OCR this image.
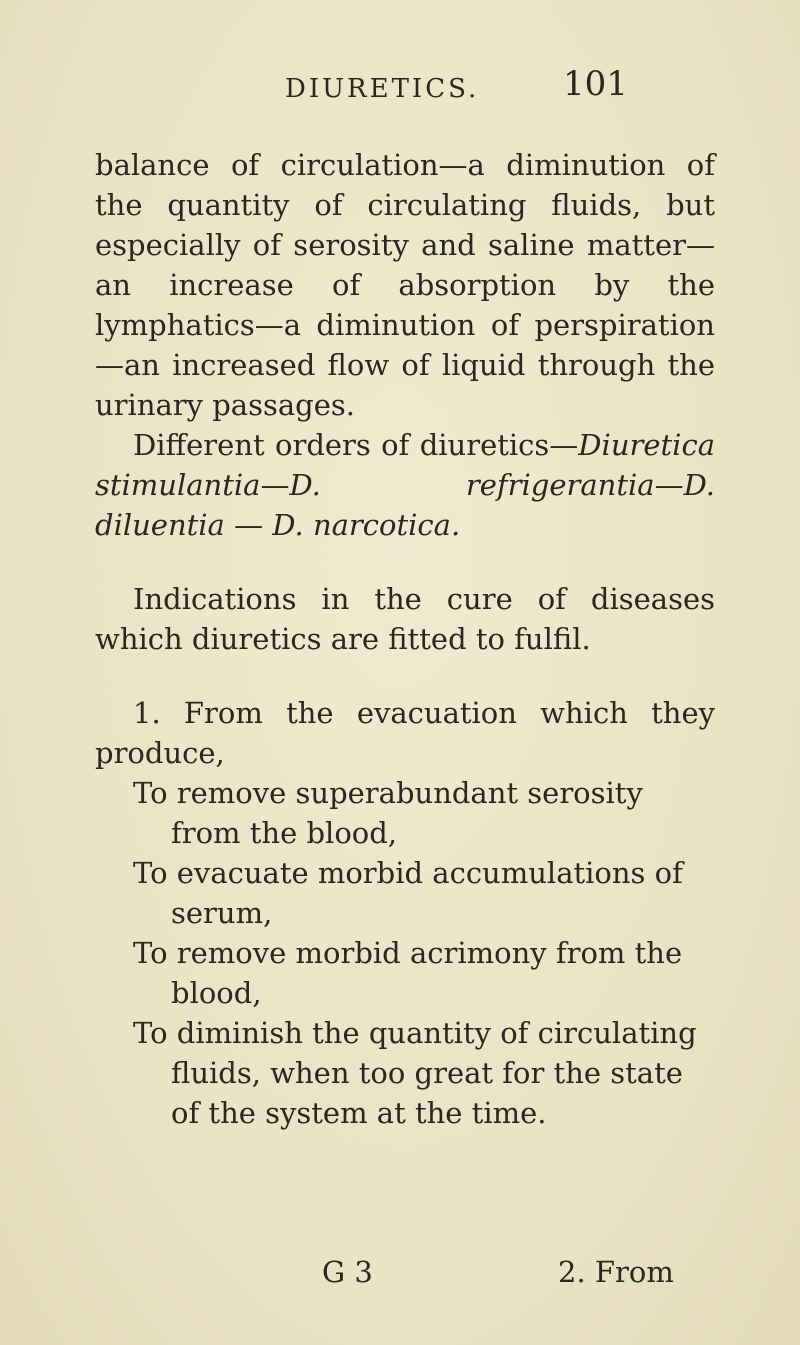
DIURETICS. 101

balance of circulation—a diminution of the quantity of circulating fluids, but especially of serosity and saline matter—an increase of absorption by the lymphatics—a diminution of perspiration—an increased flow of liquid through the urinary passages.

Different orders of diuretics—Diuretica stimulantia—D. refrigerantia—D. diluentia — D. narcotica.

Indications in the cure of diseases which diuretics are fitted to fulfil.

1. From the evacuation which they produce,

To remove superabundant serosity from the blood,

To evacuate morbid accumulations of serum,

To remove morbid acrimony from the blood,

To diminish the quantity of circulating fluids, when too great for the state of the system at the time.

G 3	2. From
